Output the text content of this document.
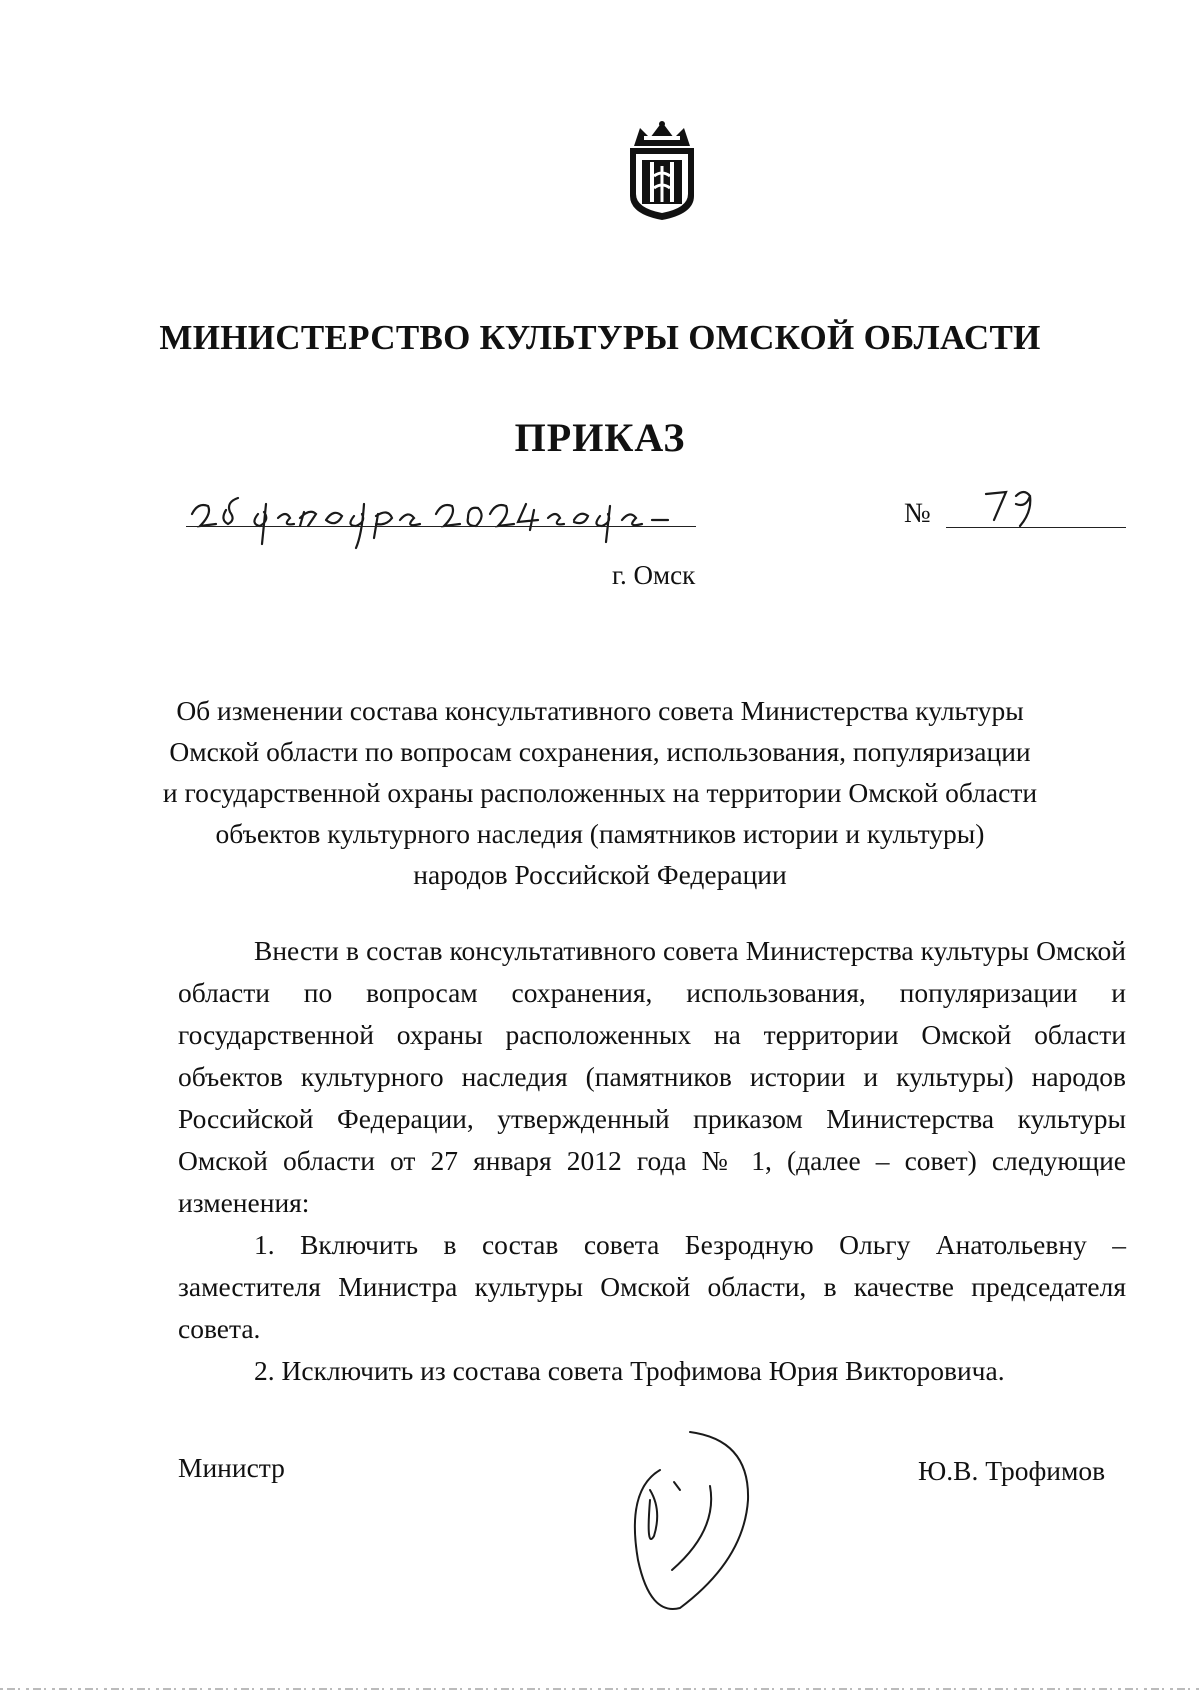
МИНИСТЕРСТВО КУЛЬТУРЫ ОМСКОЙ ОБЛАСТИ
ПРИКАЗ
№
г. Омск
Об изменении состава консультативного совета Министерства культуры
Омской области по вопросам сохранения, использования, популяризации
и государственной охраны расположенных на территории Омской области
объектов культурного наследия (памятников истории и культуры)
народов Российской Федерации

Внести в состав консультативного совета Министерства культуры Омской области по вопросам сохранения, использования, популяризации и государственной охраны расположенных на территории Омской области объектов культурного наследия (памятников истории и культуры) народов Российской Федерации, утвержденный приказом Министерства культуры Омской области от 27 января 2012 года № 1, (далее – совет) следующие изменения:

1. Включить в состав совета Безродную Ольгу Анатольевну – заместителя Министра культуры Омской области, в качестве председателя совета.

2. Исключить из состава совета Трофимова Юрия Викторовича.

Министр	Ю.В. Трофимов
